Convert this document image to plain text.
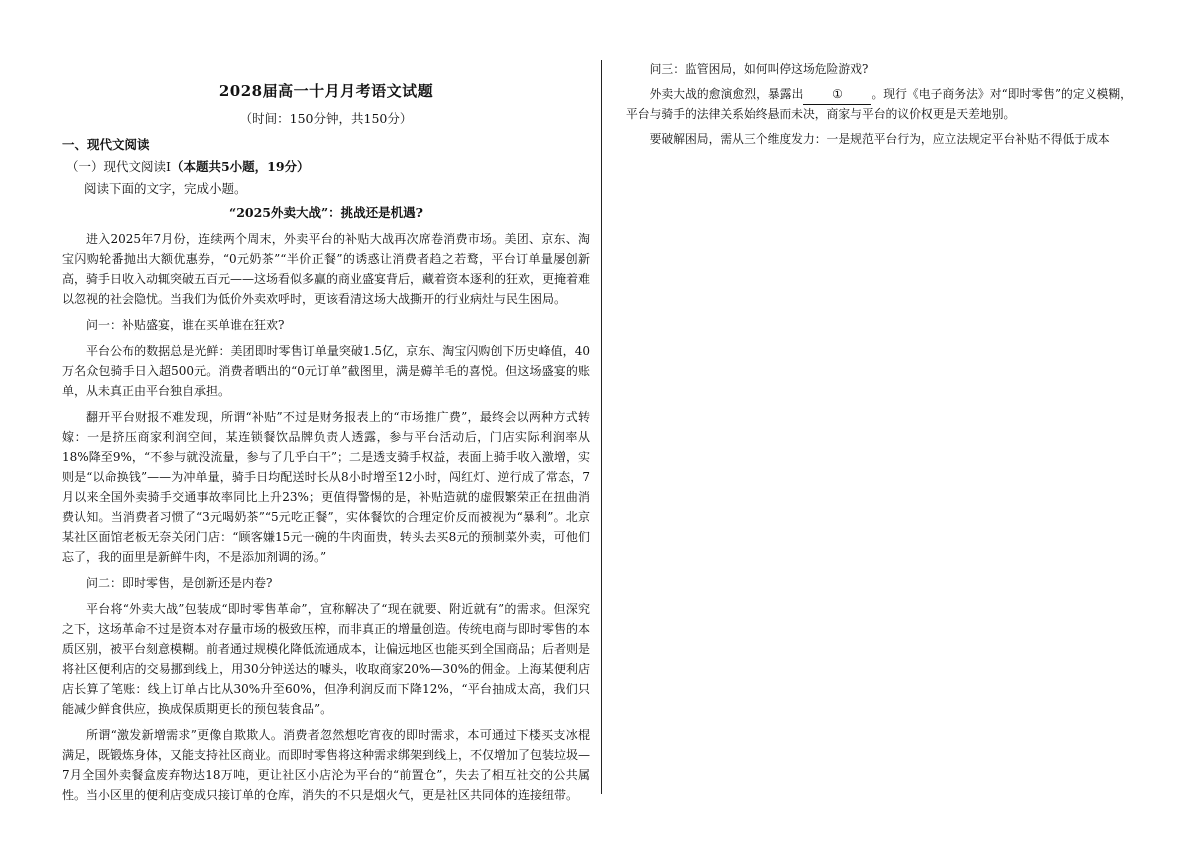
2028届高一十月月考语文试题
（时间：150分钟，共150分）
一、现代文阅读
（一）现代文阅读Ⅰ（本题共5小题，19分）
阅读下面的文字，完成小题。
“2025外卖大战”：挑战还是机遇?

进入2025年7月份，连续两个周末，外卖平台的补贴大战再次席卷消费市场。美团、京东、淘宝闪购轮番抛出大额优惠券，“0元奶茶”“半价正餐”的诱惑让消费者趋之若鹜，平台订单量屡创新高，骑手日收入动辄突破五百元——这场看似多赢的商业盛宴背后，藏着资本逐利的狂欢，更掩着难以忽视的社会隐忧。当我们为低价外卖欢呼时，更该看清这场大战撕开的行业病灶与民生困局。

问一：补贴盛宴，谁在买单谁在狂欢?

平台公布的数据总是光鲜：美团即时零售订单量突破1.5亿，京东、淘宝闪购创下历史峰值，40万名众包骑手日入超500元。消费者晒出的“0元订单”截图里，满是薅羊毛的喜悦。但这场盛宴的账单，从未真正由平台独自承担。

翻开平台财报不难发现，所谓“补贴”不过是财务报表上的“市场推广费”，最终会以两种方式转嫁：一是挤压商家利润空间，某连锁餐饮品牌负责人透露，参与平台活动后，门店实际利润率从18%降至9%，“不参与就没流量，参与了几乎白干”；二是透支骑手权益，表面上骑手收入激增，实则是“以命换钱”——为冲单量，骑手日均配送时长从8小时增至12小时，闯红灯、逆行成了常态，7月以来全国外卖骑手交通事故率同比上升23%；更值得警惕的是，补贴造就的虚假繁荣正在扭曲消费认知。当消费者习惯了“3元喝奶茶”“5元吃正餐”，实体餐饮的合理定价反而被视为“暴利”。北京某社区面馆老板无奈关闭门店：“顾客嫌15元一碗的牛肉面贵，转头去买8元的预制菜外卖，可他们忘了，我的面里是新鲜牛肉，不是添加剂调的汤。”

问二：即时零售，是创新还是内卷?

平台将“外卖大战”包装成“即时零售革命”，宣称解决了“现在就要、附近就有”的需求。但深究之下，这场革命不过是资本对存量市场的极致压榨，而非真正的增量创造。传统电商与即时零售的本质区别，被平台刻意模糊。前者通过规模化降低流通成本，让偏远地区也能买到全国商品；后者则是将社区便利店的交易挪到线上，用30分钟送达的噱头，收取商家20%—30%的佣金。上海某便利店店长算了笔账：线上订单占比从30%升至60%，但净利润反而下降12%，“平台抽成太高，我们只能减少鲜食供应，换成保质期更长的预包装食品”。

所谓“激发新增需求”更像自欺欺人。消费者忽然想吃宵夜的即时需求，本可通过下楼买支冰棍满足，既锻炼身体，又能支持社区商业。而即时零售将这种需求绑架到线上，不仅增加了包装垃圾—7月全国外卖餐盒废弃物达18万吨，更让社区小店沦为平台的“前置仓”，失去了相互社交的公共属性。当小区里的便利店变成只接订单的仓库，消失的不只是烟火气，更是社区共同体的连接纽带。

问三：监管困局，如何叫停这场危险游戏?

外卖大战的愈演愈烈，暴露出 ① 。现行《电子商务法》对“即时零售”的定义模糊，平台与骑手的法律关系始终悬而未决，商家与平台的议价权更是天差地别。

要破解困局，需从三个维度发力：一是规范平台行为，应立法规定平台补贴不得低于成本
